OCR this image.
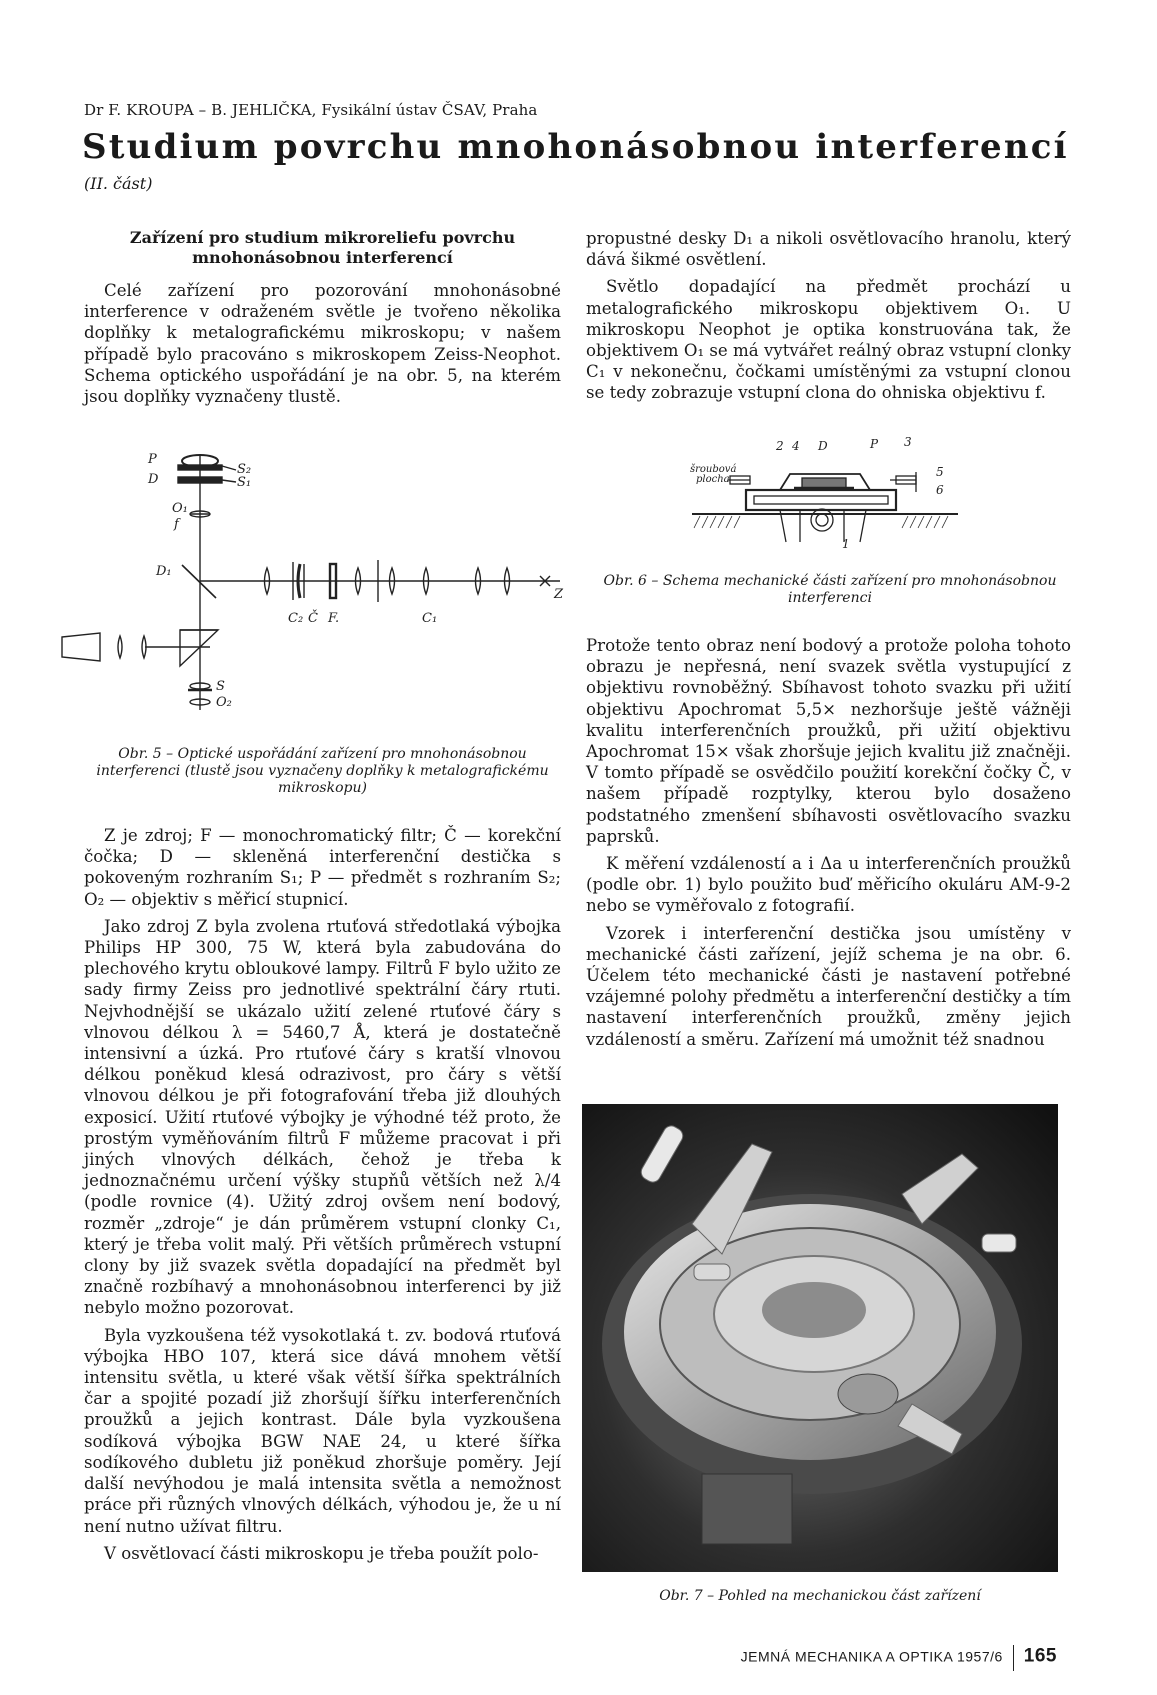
Dr F. KROUPA – B. JEHLIČKA, Fysikální ústav ČSAV, Praha
Studium povrchu mnohonásobnou interferencí
(II. část)
Zařízení pro studium mikroreliefu povrchu mnohonásobnou interferencí

Celé zařízení pro pozorování mnohonásobné interference v odraženém světle je tvořeno několika doplňky k metalografickému mikroskopu; v našem případě bylo pracováno s mikroskopem Zeiss-Neophot. Schema optického uspořádání je na obr. 5, na kterém jsou doplňky vyznačeny tlustě.

P
D
S₂
S₁
O₁
f
D₁
C₂ Č F.	C₁
Z
S
O₂
Obr. 5 – Optické uspořádání zařízení pro mnohonásobnou interferenci (tlustě jsou vyznačeny doplňky k metalografickému mikroskopu)

Z je zdroj; F — monochromatický filtr; Č — korekční čočka; D — skleněná interferenční destička s pokoveným rozhraním S₁; P — předmět s rozhraním S₂; O₂ — objektiv s měřicí stupnicí.

Jako zdroj Z byla zvolena rtuťová středotlaká výbojka Philips HP 300, 75 W, která byla zabudována do plechového krytu obloukové lampy. Filtrů F bylo užito ze sady firmy Zeiss pro jednotlivé spektrální čáry rtuti. Nejvhodnější se ukázalo užití zelené rtuťové čáry s vlnovou délkou λ = 5460,7 Å, která je dostatečně intensivní a úzká. Pro rtuťové čáry s kratší vlnovou délkou poněkud klesá odrazivost, pro čáry s větší vlnovou délkou je při fotografování třeba již dlouhých exposicí. Užití rtuťové výbojky je výhodné též proto, že prostým vyměňováním filtrů F můžeme pracovat i při jiných vlnových délkách, čehož je třeba k jednoznačnému určení výšky stupňů větších než λ/4 (podle rovnice (4). Užitý zdroj ovšem není bodový, rozměr „zdroje“ je dán průměrem vstupní clonky C₁, který je třeba volit malý. Při větších průměrech vstupní clony by již svazek světla dopadající na předmět byl značně rozbíhavý a mnohonásobnou interferenci by již nebylo možno pozorovat.

Byla vyzkoušena též vysokotlaká t. zv. bodová rtuťová výbojka HBO 107, která sice dává mnohem větší intensitu světla, u které však větší šířka spektrálních čar a spojité pozadí již zhoršují šířku interferenčních proužků a jejich kontrast. Dále byla vyzkoušena sodíková výbojka BGW NAE 24, u které šířka sodíkového dubletu již poněkud zhoršuje poměry. Její další nevýhodou je malá intensita světla a nemožnost práce při různých vlnových délkách, výhodou je, že u ní není nutno užívat filtru.

V osvětlovací části mikroskopu je třeba použít polo-

propustné desky D₁ a nikoli osvětlovacího hranolu, který dává šikmé osvětlení.

Světlo dopadající na předmět prochází u metalografického mikroskopu objektivem O₁. U mikroskopu Neophot je optika konstruována tak, že objektivem O₁ se má vytvářet reálný obraz vstupní clonky C₁ v nekonečnu, čočkami umístěnými za vstupní clonou se tedy zobrazuje vstupní clona do ohniska objektivu f.

2 4 D	P 3
5
6
1
šroubová
plocha
Obr. 6 – Schema mechanické části zařízení pro mnohonásobnou interferenci

Protože tento obraz není bodový a protože poloha tohoto obrazu je nepřesná, není svazek světla vystupující z objektivu rovnoběžný. Sbíhavost tohoto svazku při užití objektivu Apochromat 5,5× nezhoršuje ještě vážněji kvalitu interferenčních proužků, při užití objektivu Apochromat 15× však zhoršuje jejich kvalitu již značněji. V tomto případě se osvědčilo použití korekční čočky Č, v našem případě rozptylky, kterou bylo dosaženo podstatného zmenšení sbíhavosti osvětlovacího svazku paprsků.

K měření vzdáleností a i Δa u interferenčních proužků (podle obr. 1) bylo použito buď měřicího okuláru AM-9-2 nebo se vyměřovalo z fotografií.

Vzorek i interferenční destička jsou umístěny v mechanické části zařízení, jejíž schema je na obr. 6. Účelem této mechanické části je nastavení potřebné vzájemné polohy předmětu a interferenční destičky a tím nastavení interferenčních proužků, změny jejich vzdáleností a směru. Zařízení má umožnit též snadnou

Obr. 7 – Pohled na mechanickou část zařízení
JEMNÁ MECHANIKA A OPTIKA 1957/6 165
